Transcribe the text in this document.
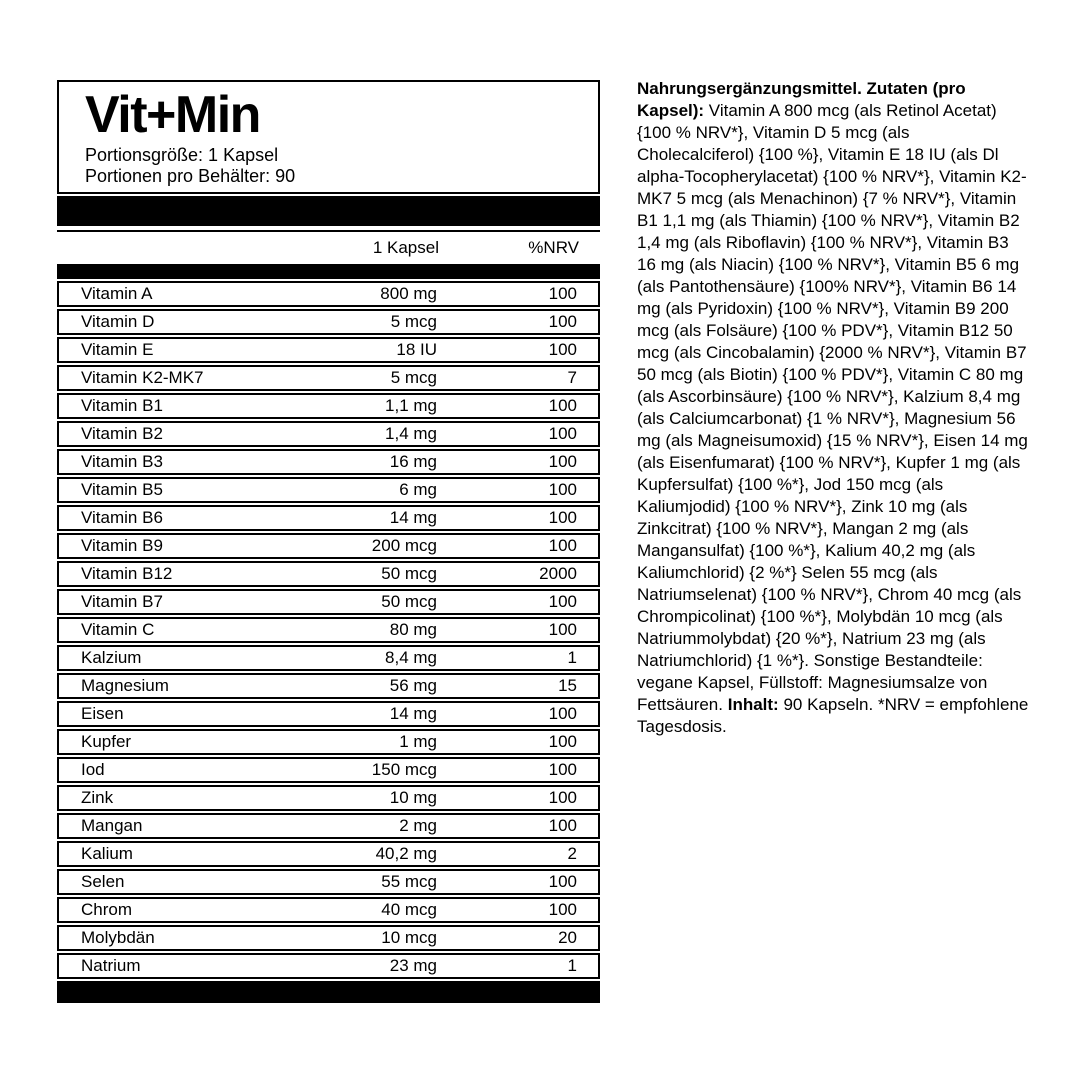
Vit+Min
Portionsgröße: 1 Kapsel
Portionen pro Behälter: 90
1 Kapsel	%NRV
Vitamin A	800 mg	100
Vitamin D	5 mcg	100
Vitamin E	18 IU	100
Vitamin K2-MK7	5 mcg	7
Vitamin B1	1,1 mg	100
Vitamin B2	1,4 mg	100
Vitamin B3	16 mg	100
Vitamin B5	6 mg	100
Vitamin B6	14 mg	100
Vitamin B9	200 mcg	100
Vitamin B12	50 mcg	2000
Vitamin B7	50 mcg	100
Vitamin C	80 mg	100
Kalzium	8,4 mg	1
Magnesium	56 mg	15
Eisen	14 mg	100
Kupfer	1 mg	100
Iod	150 mcg	100
Zink	10 mg	100
Mangan	2 mg	100
Kalium	40,2 mg	2
Selen	55 mcg	100
Chrom	40 mcg	100
Molybdän	10 mcg	20
Natrium	23 mg	1
Nahrungsergänzungsmittel. Zutaten (pro Kapsel): Vitamin A 800 mcg (als Retinol Acetat) {100 % NRV*}, Vitamin D 5 mcg (als Cholecalciferol) {100 %}, Vitamin E 18 IU (als Dl alpha-Tocopherylacetat) {100 % NRV*}, Vitamin K2-MK7 5 mcg (als Menachinon) {7 % NRV*}, Vitamin B1 1,1 mg (als Thiamin) {100 % NRV*}, Vitamin B2 1,4 mg (als Riboflavin) {100 % NRV*}, Vitamin B3 16 mg (als Niacin) {100 % NRV*}, Vitamin B5 6 mg (als Pantothensäure) {100% NRV*}, Vitamin B6 14 mg (als Pyridoxin) {100 % NRV*}, Vitamin B9 200 mcg (als Folsäure) {100 % PDV*}, Vitamin B12 50 mcg (als Cincobalamin) {2000 % NRV*}, Vitamin B7 50 mcg (als Biotin) {100 % PDV*}, Vitamin C 80 mg (als Ascorbinsäure) {100 % NRV*}, Kalzium 8,4 mg (als Calciumcarbonat) {1 % NRV*}, Magnesium 56 mg (als Magneisumoxid) {15 % NRV*}, Eisen 14 mg (als Eisenfumarat) {100 % NRV*}, Kupfer 1 mg (als Kupfersulfat) {100 %*}, Jod 150 mcg (als Kaliumjodid) {100 % NRV*}, Zink 10 mg (als Zinkcitrat) {100 % NRV*}, Mangan 2 mg (als Mangansulfat) {100 %*}, Kalium 40,2 mg (als Kaliumchlorid) {2 %*} Selen 55 mcg (als Natriumselenat) {100 % NRV*}, Chrom 40 mcg (als Chrompicolinat) {100 %*}, Molybdän 10 mcg (als Natriummolybdat) {20 %*}, Natrium 23 mg (als Natriumchlorid) {1 %*}. Sonstige Bestandteile: vegane Kapsel, Füllstoff: Magnesiumsalze von Fettsäuren. Inhalt: 90 Kapseln. *NRV = empfohlene Tagesdosis.
